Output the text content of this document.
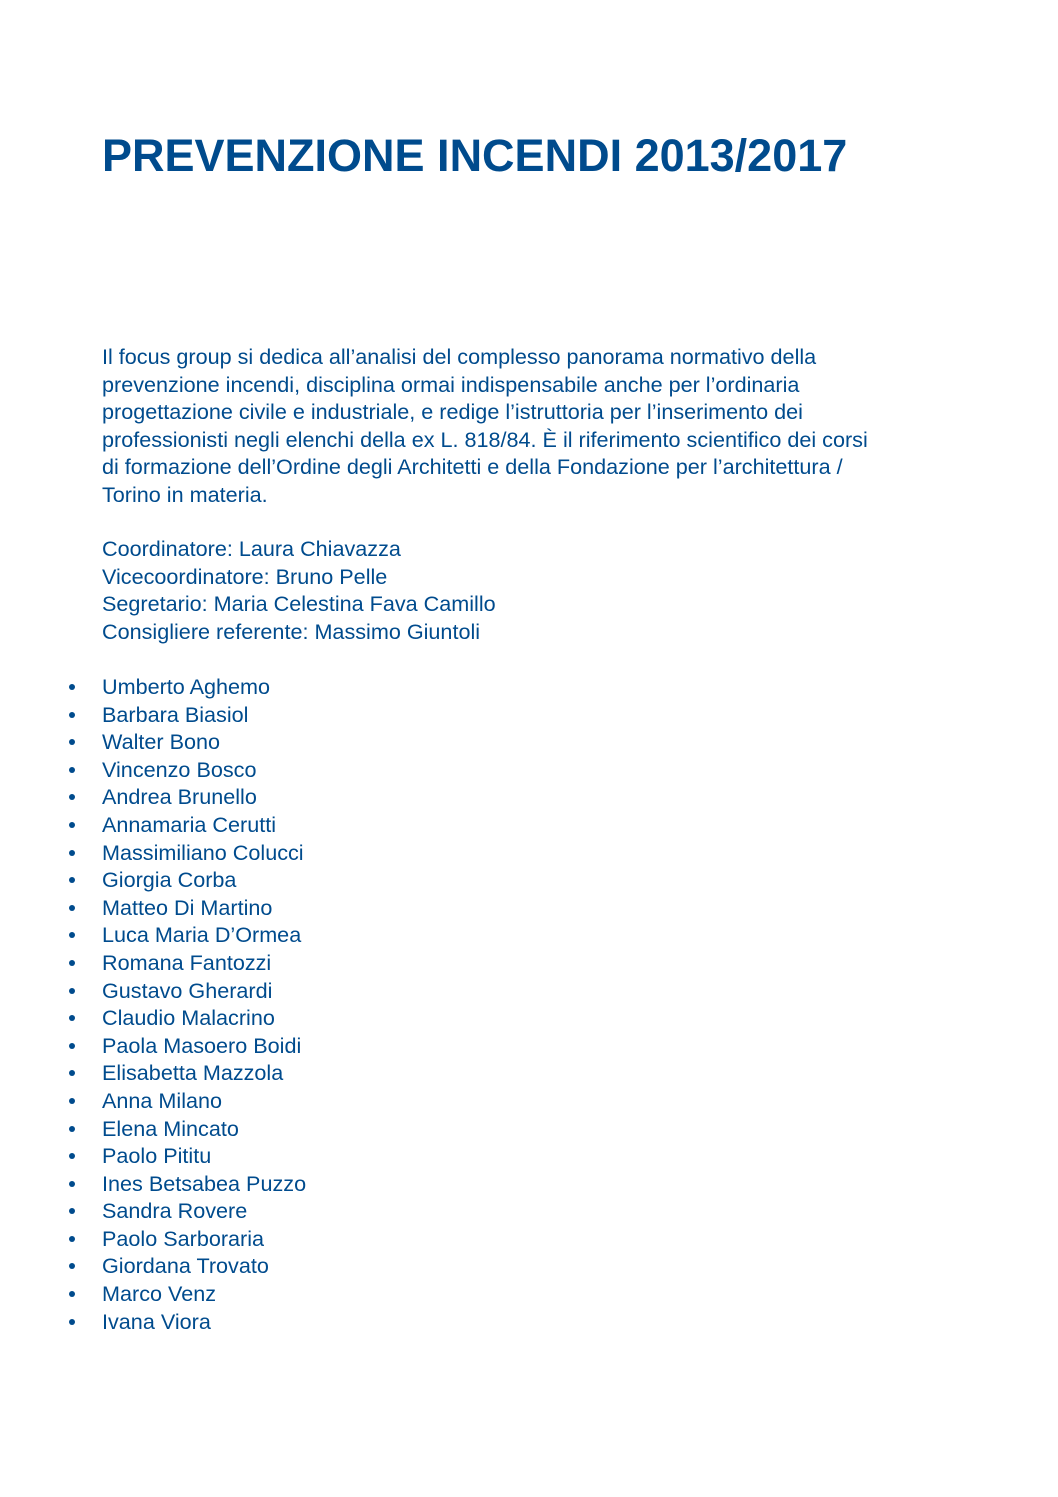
PREVENZIONE INCENDI 2013/2017
Il focus group si dedica all’analisi del complesso panorama normativo della
prevenzione incendi, disciplina ormai indispensabile anche per l’ordinaria
progettazione civile e industriale, e redige l’istruttoria per l’inserimento dei
professionisti negli elenchi della ex L. 818/84. È il riferimento scientifico dei corsi
di formazione dell’Ordine degli Architetti e della Fondazione per l’architettura /
Torino in materia.
Coordinatore: Laura Chiavazza
Vicecoordinatore: Bruno Pelle
Segretario: Maria Celestina Fava Camillo
Consigliere referente: Massimo Giuntoli
Umberto Aghemo
Barbara Biasiol
Walter Bono
Vincenzo Bosco
Andrea Brunello
Annamaria Cerutti
Massimiliano Colucci
Giorgia Corba
Matteo Di Martino
Luca Maria D’Ormea
Romana Fantozzi
Gustavo Gherardi
Claudio Malacrino
Paola Masoero Boidi
Elisabetta Mazzola
Anna Milano
Elena Mincato
Paolo Pititu
Ines Betsabea Puzzo
Sandra Rovere
Paolo Sarboraria
Giordana Trovato
Marco Venz
Ivana Viora
